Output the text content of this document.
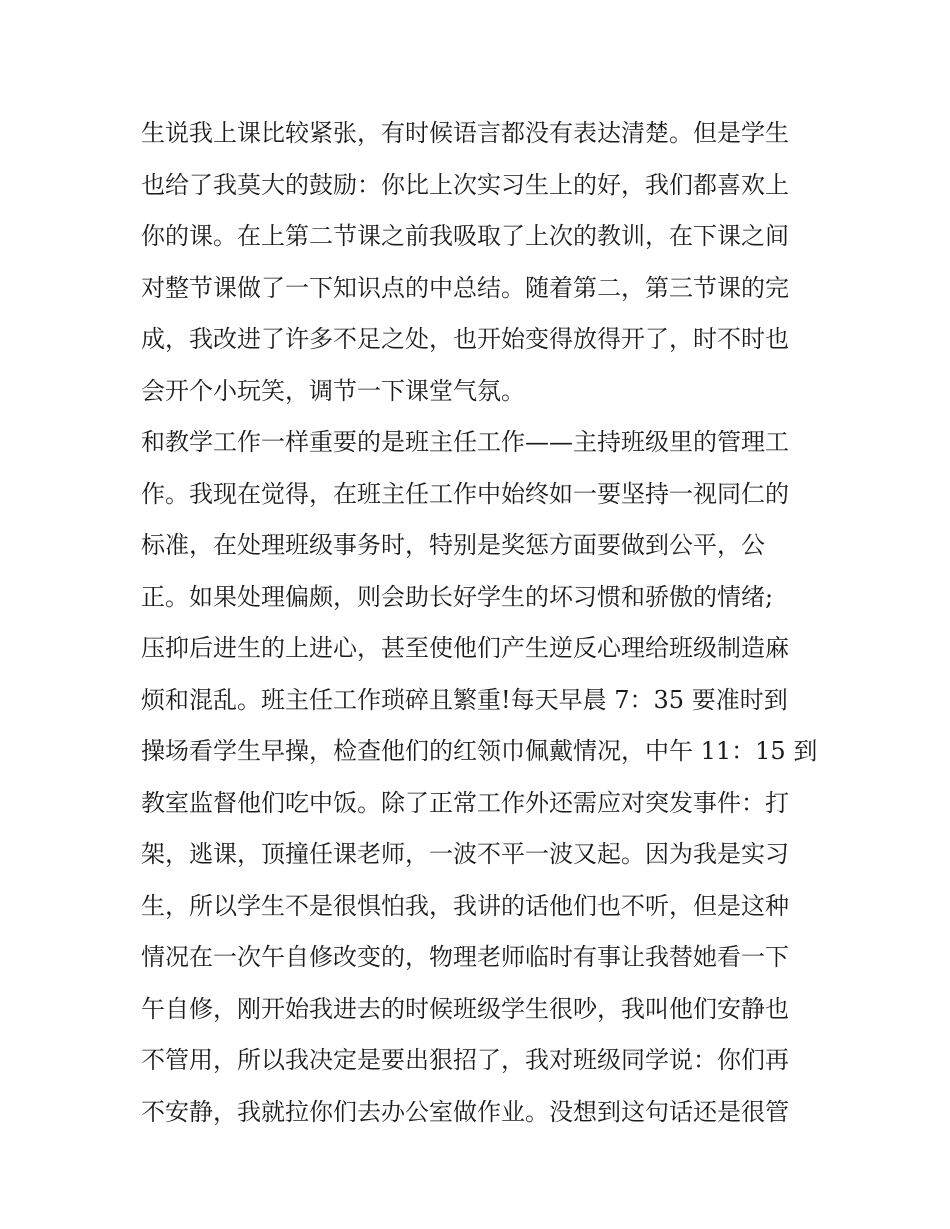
生说我上课比较紧张，有时候语言都没有表达清楚。但是学生
也给了我莫大的鼓励：你比上次实习生上的好，我们都喜欢上
你的课。在上第二节课之前我吸取了上次的教训，在下课之间
对整节课做了一下知识点的中总结。随着第二，第三节课的完
成，我改进了许多不足之处，也开始变得放得开了，时不时也
会开个小玩笑，调节一下课堂气氛。
和教学工作一样重要的是班主任工作——主持班级里的管理工
作。我现在觉得，在班主任工作中始终如一要坚持一视同仁的
标准，在处理班级事务时，特别是奖惩方面要做到公平，公
正。如果处理偏颇，则会助长好学生的坏习惯和骄傲的情绪;
压抑后进生的上进心，甚至使他们产生逆反心理给班级制造麻
烦和混乱。班主任工作琐碎且繁重!每天早晨 7：35 要准时到
操场看学生早操，检查他们的红领巾佩戴情况，中午 11：15 到
教室监督他们吃中饭。除了正常工作外还需应对突发事件：打
架，逃课，顶撞任课老师，一波不平一波又起。因为我是实习
生，所以学生不是很惧怕我，我讲的话他们也不听，但是这种
情况在一次午自修改变的，物理老师临时有事让我替她看一下
午自修，刚开始我进去的时候班级学生很吵，我叫他们安静也
不管用，所以我决定是要出狠招了，我对班级同学说：你们再
不安静，我就拉你们去办公室做作业。没想到这句话还是很管
